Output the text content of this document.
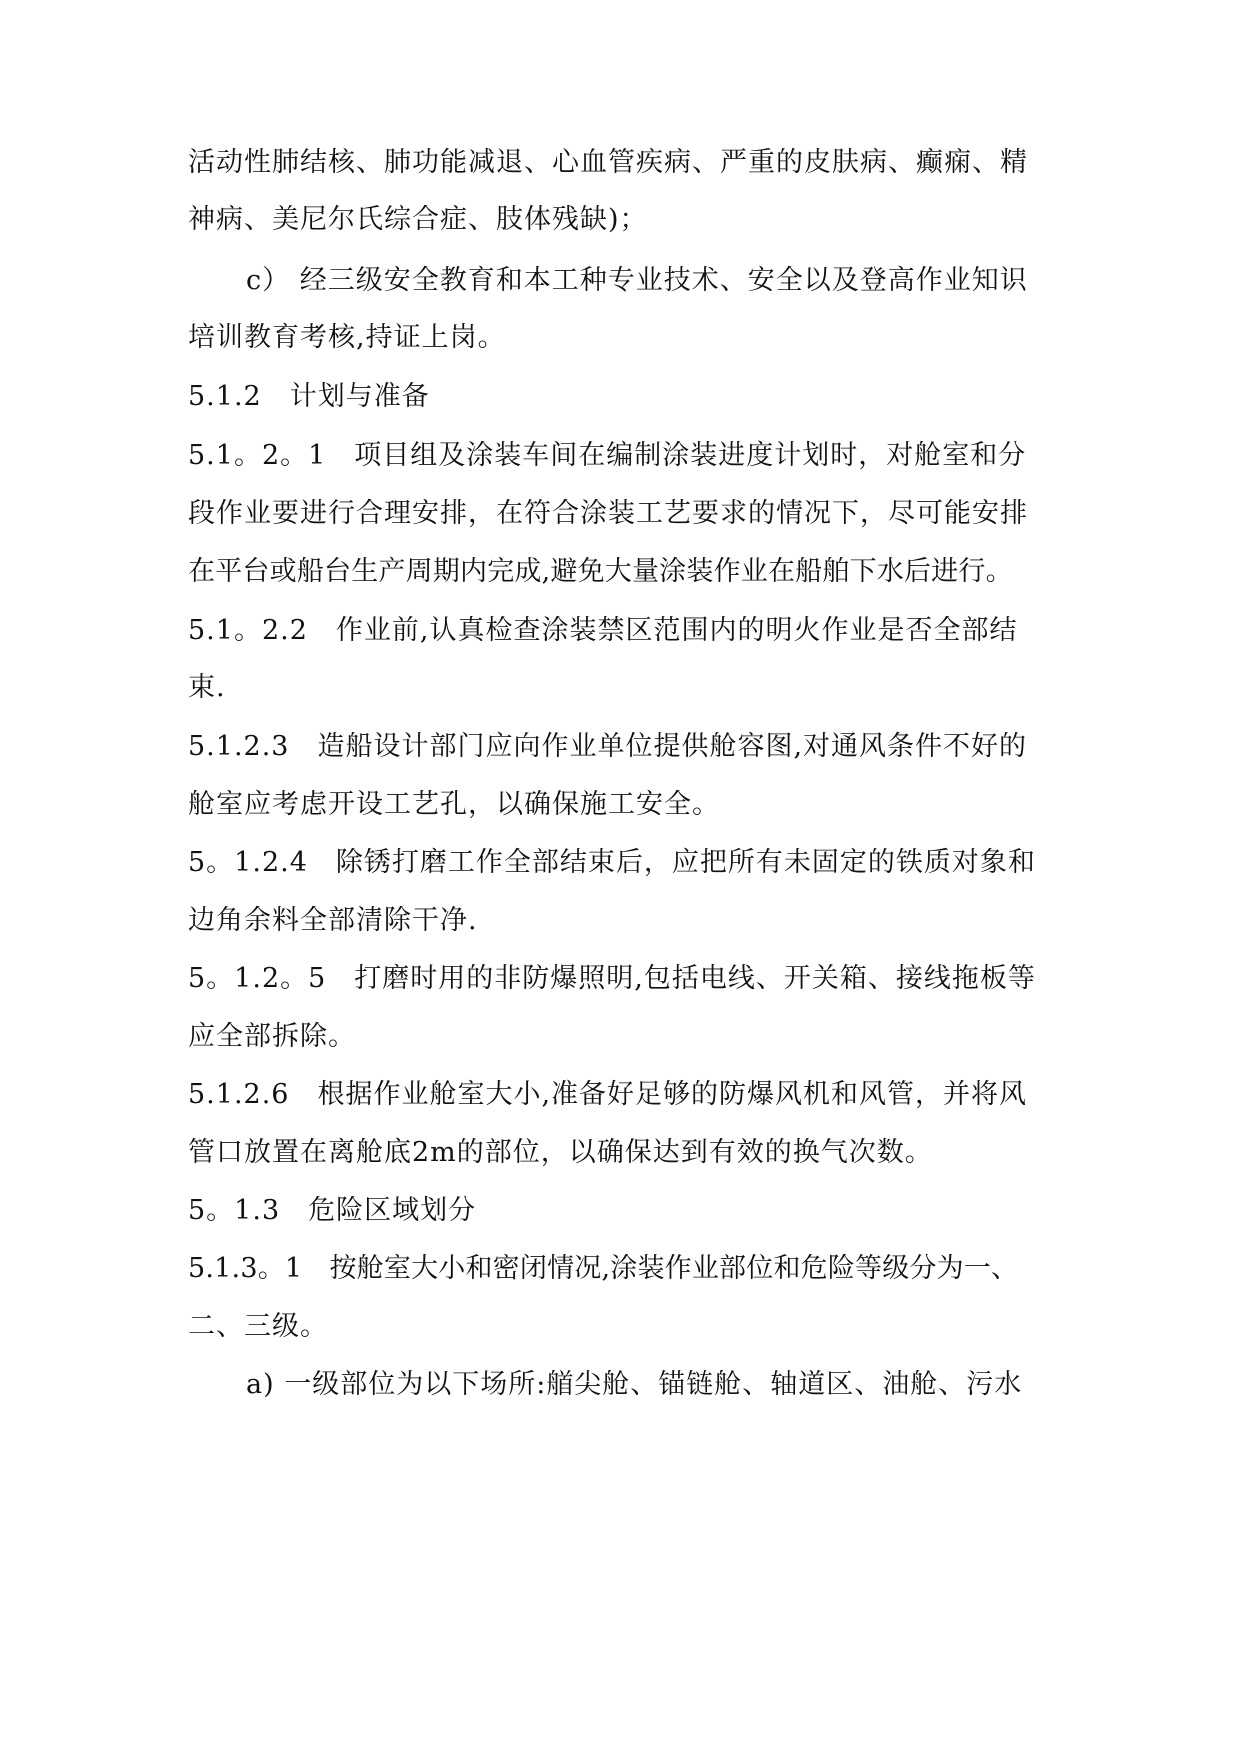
活动性肺结核、肺功能减退、心血管疾病、严重的皮肤病、癫痫、精
神病、美尼尔氏综合症、肢体残缺)；
c） 经三级安全教育和本工种专业技术、安全以及登高作业知识
培训教育考核,持证上岗。
5.1.2　计划与准备
5.1。2。1　项目组及涂装车间在编制涂装进度计划时，对舱室和分
段作业要进行合理安排，在符合涂装工艺要求的情况下，尽可能安排
在平台或船台生产周期内完成,避免大量涂装作业在船舶下水后进行。
5.1。2.2　作业前,认真检查涂装禁区范围内的明火作业是否全部结
束.
5.1.2.3　造船设计部门应向作业单位提供舱容图,对通风条件不好的
舱室应考虑开设工艺孔，以确保施工安全。
5。1.2.4　除锈打磨工作全部结束后，应把所有未固定的铁质对象和
边角余料全部清除干净.
5。1.2。5　打磨时用的非防爆照明,包括电线、开关箱、接线拖板等
应全部拆除。
5.1.2.6　根据作业舱室大小,准备好足够的防爆风机和风管，并将风
管口放置在离舱底2m的部位，以确保达到有效的换气次数。
5。1.3　危险区域划分
5.1.3。1　按舱室大小和密闭情况,涂装作业部位和危险等级分为一、
二、三级。
a) 一级部位为以下场所:艏尖舱、锚链舱、轴道区、油舱、污水
